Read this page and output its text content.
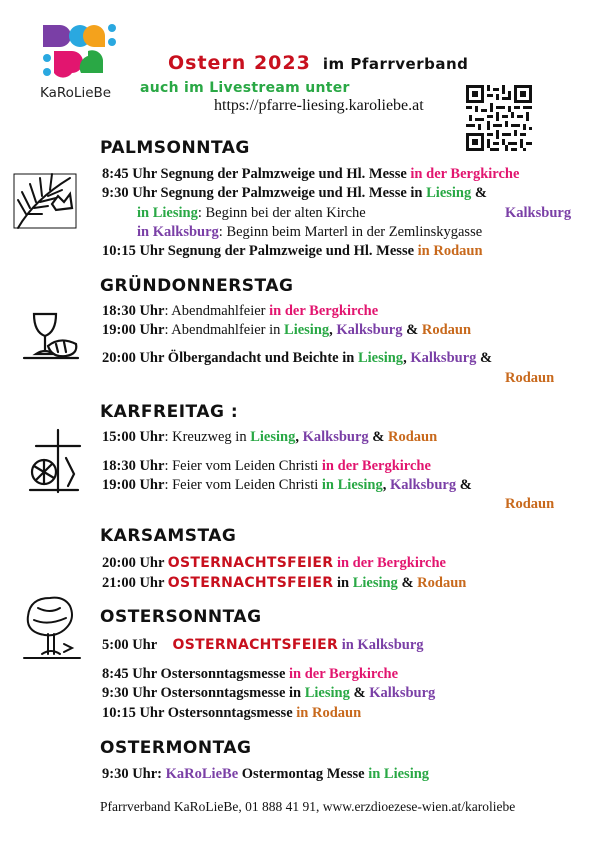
KaRoLieBe
Ostern 2023 im Pfarrverband
auch im Livestream unter
https://pfarre-liesing.karoliebe.at
PALMSONNTAG
8:45 Uhr Segnung der Palmzweige und Hl. Messe in der Bergkirche
9:30 Uhr Segnung der Palmzweige und Hl. Messe in Liesing &
in Liesing: Beginn bei der alten Kirche	Kalksburg
in Kalksburg: Beginn beim Marterl in der Zemlinskygasse
10:15 Uhr Segnung der Palmzweige und Hl. Messe in Rodaun
GRÜNDONNERSTAG
18:30 Uhr: Abendmahlfeier in der Bergkirche
19:00 Uhr: Abendmahlfeier in Liesing, Kalksburg & Rodaun
20:00 Uhr Ölbergandacht und Beichte in Liesing, Kalksburg &
Rodaun
KARFREITAG :
15:00 Uhr: Kreuzweg in Liesing, Kalksburg & Rodaun
18:30 Uhr: Feier vom Leiden Christi in der Bergkirche
19:00 Uhr: Feier vom Leiden Christi in Liesing, Kalksburg &
Rodaun
KARSAMSTAG
20:00 Uhr OSTERNACHTSFEIER in der Bergkirche
21:00 Uhr OSTERNACHTSFEIER in Liesing & Rodaun
OSTERSONNTAG
5:00 Uhr OSTERNACHTSFEIER in Kalksburg
8:45 Uhr Ostersonntagsmesse in der Bergkirche
9:30 Uhr Ostersonntagsmesse in Liesing & Kalksburg
10:15 Uhr Ostersonntagsmesse in Rodaun
OSTERMONTAG
9:30 Uhr: KaRoLieBe Ostermontag Messe in Liesing
Pfarrverband KaRoLieBe, 01 888 41 91, www.erzdioezese-wien.at/karoliebe
